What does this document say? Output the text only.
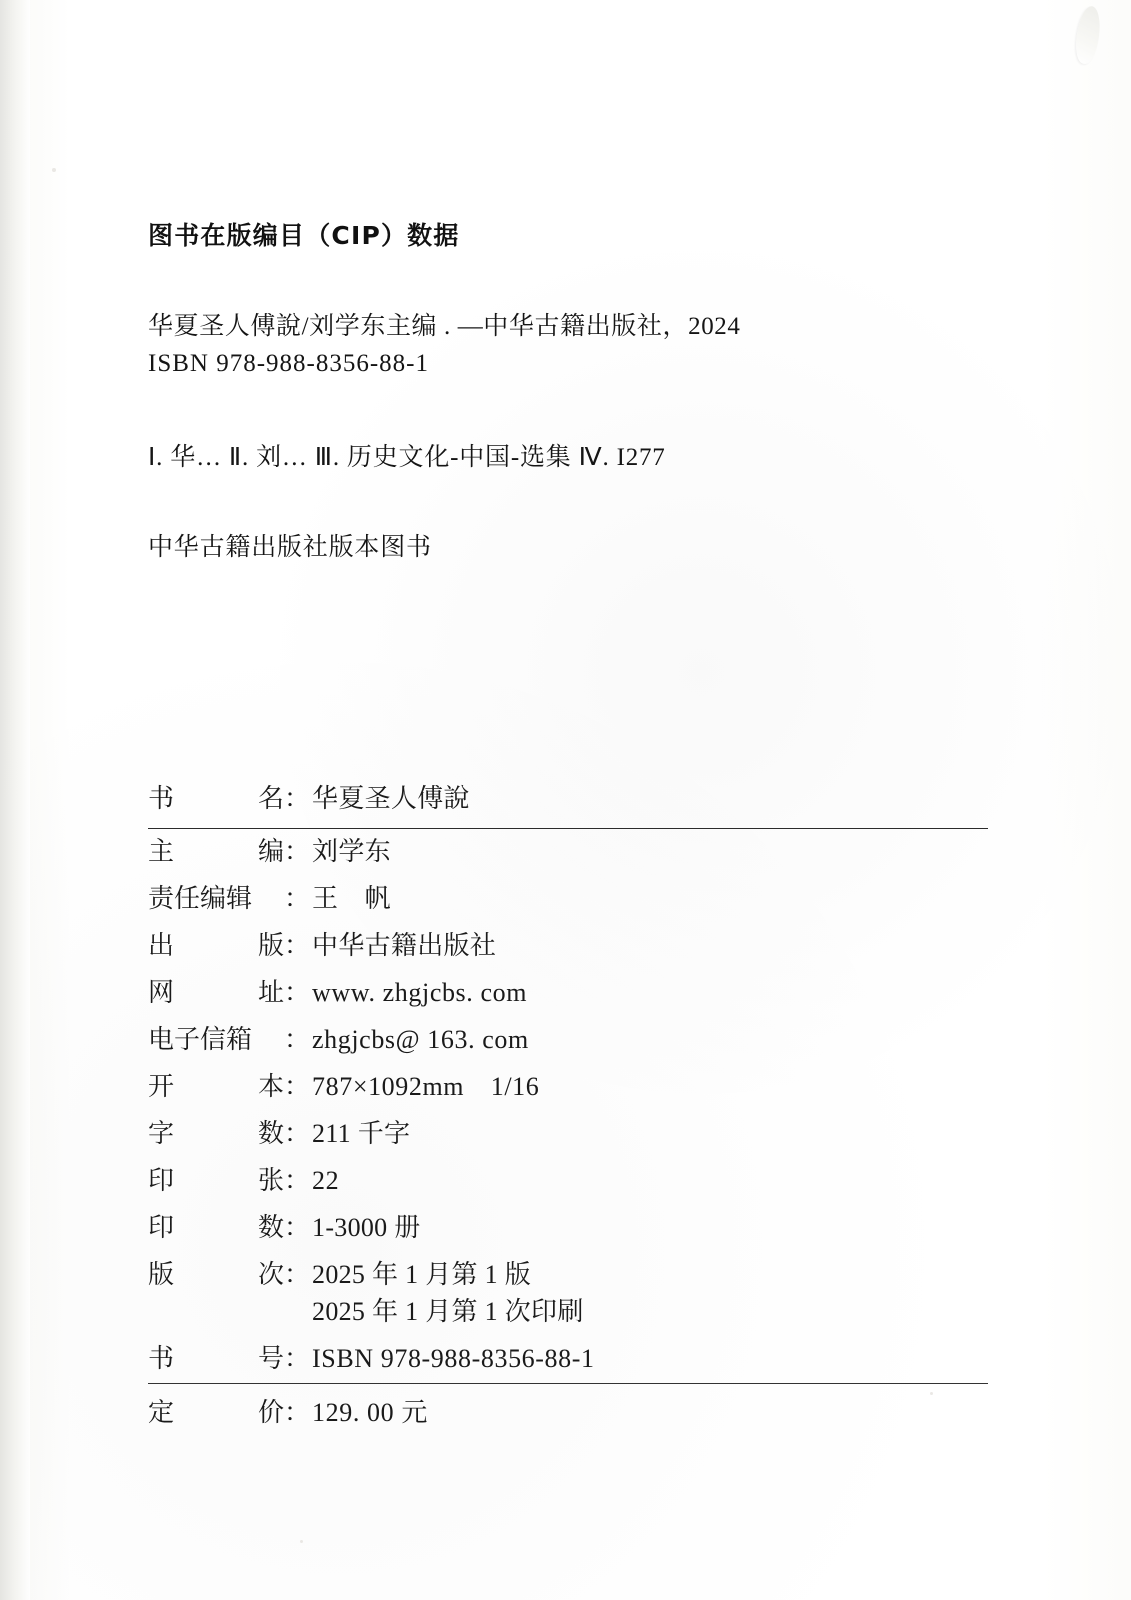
图书在版编目（CIP）数据
华夏圣人傅說/刘学东主编 . —中华古籍出版社，2024
ISBN 978-988-8356-88-1
Ⅰ. 华… Ⅱ. 刘… Ⅲ. 历史文化-中国-选集 Ⅳ. I277
中华古籍出版社版本图书
书	名 ： 华夏圣人傅說
主	编 ： 刘学东
责任编辑 ： 王　帆
出	版 ： 中华古籍出版社
网	址 ： www. zhgjcbs. com
电子信箱 ： zhgjcbs@ 163. com
开	本 ： 787×1092mm　1/16
字	数 ： 211 千字
印	张 ： 22
印	数 ： 1-3000 册
版	次 ： 2025 年 1 月第 1 版
2025 年 1 月第 1 次印刷
书	号 ： ISBN 978-988-8356-88-1
定	价 ： 129. 00 元
